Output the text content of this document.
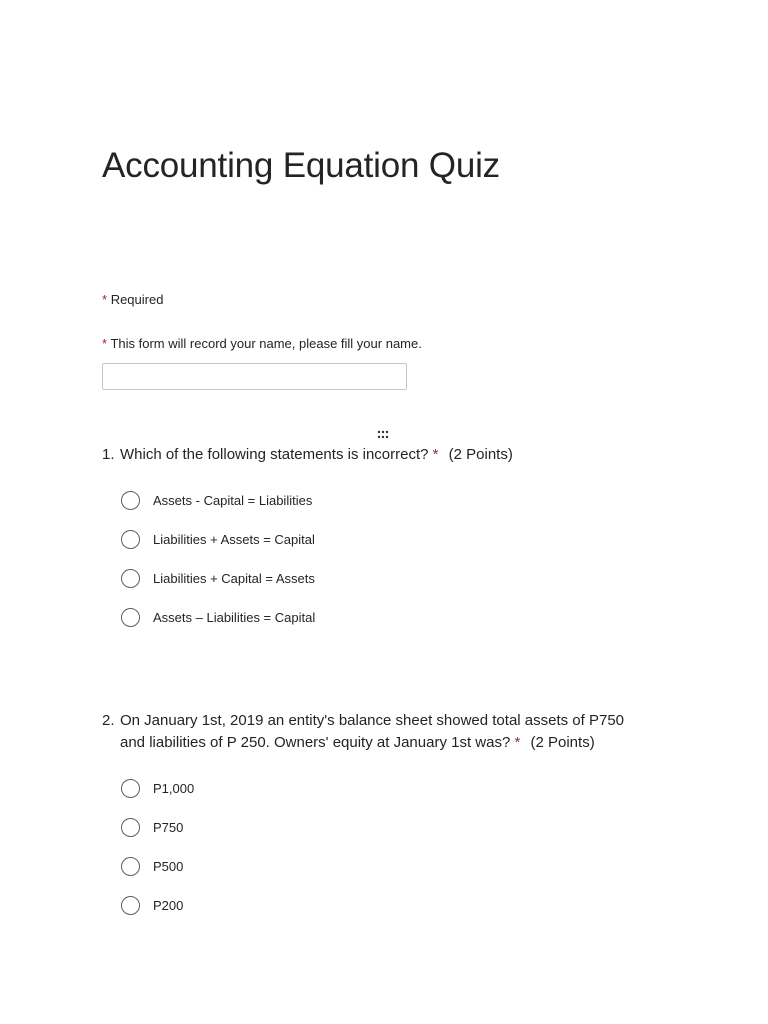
Accounting Equation Quiz
* Required
* This form will record your name, please fill your name.
1. Which of the following statements is incorrect? * (2 Points)
Assets - Capital = Liabilities
Liabilities + Assets = Capital
Liabilities + Capital = Assets
Assets – Liabilities = Capital
2. On January 1st, 2019 an entity's balance sheet showed total assets of P750 and liabilities of P 250. Owners' equity at January 1st was? * (2 Points)
P1,000
P750
P500
P200
